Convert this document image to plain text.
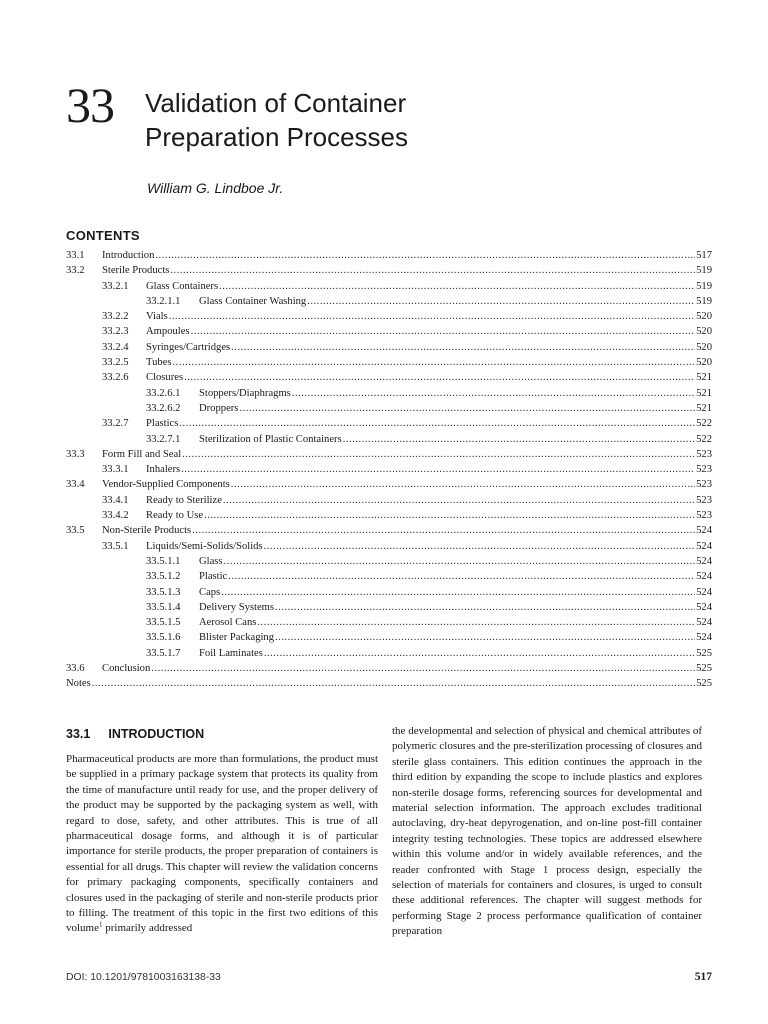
33 Validation of Container
Preparation Processes
William G. Lindboe Jr.
CONTENTS
33.1	Introduction .....	517
33.2	Sterile Products .....	519
33.2.1	Glass Containers .....	519
33.2.1.1	Glass Container Washing .....	519
33.2.2	Vials .....	520
33.2.3	Ampoules .....	520
33.2.4	Syringes/Cartridges .....	520
33.2.5	Tubes .....	520
33.2.6	Closures .....	521
33.2.6.1	Stoppers/Diaphragms .....	521
33.2.6.2	Droppers .....	521
33.2.7	Plastics .....	522
33.2.7.1	Sterilization of Plastic Containers .....	522
33.3	Form Fill and Seal .....	523
33.3.1	Inhalers .....	523
33.4	Vendor-Supplied Components .....	523
33.4.1	Ready to Sterilize .....	523
33.4.2	Ready to Use .....	523
33.5	Non-Sterile Products .....	524
33.5.1	Liquids/Semi-Solids/Solids .....	524
33.5.1.1	Glass .....	524
33.5.1.2	Plastic .....	524
33.5.1.3	Caps .....	524
33.5.1.4	Delivery Systems .....	524
33.5.1.5	Aerosol Cans .....	524
33.5.1.6	Blister Packaging .....	524
33.5.1.7	Foil Laminates .....	525
33.6	Conclusion .....	525
Notes .....	525
33.1 INTRODUCTION

Pharmaceutical products are more than formulations, the product must be supplied in a primary package system that protects its quality from the time of manufacture until ready for use, and the proper delivery of the product may be supported by the packaging system as well, with regard to dose, safety, and other attributes. This is true of all pharmaceutical dosage forms, and although it is of particular importance for sterile products, the proper preparation of containers is essential for all drugs. This chapter will review the validation concerns for primary packaging components, specifically containers and closures used in the packaging of sterile and non-sterile products prior to filling. The treatment of this topic in the first two editions of this volume$^1$ primarily addressed

the developmental and selection of physical and chemical attributes of polymeric closures and the pre-sterilization processing of closures and sterile glass containers. This edition continues the approach in the third edition by expanding the scope to include plastics and explores non-sterile dosage forms, referencing sources for developmental and material selection information. The approach excludes traditional autoclaving, dry-heat depyrogenation, and on-line post-fill container integrity testing technologies. These topics are addressed elsewhere within this volume and/or in widely available references, and the reader confronted with Stage 1 process design, especially the selection of materials for containers and closures, is urged to consult these additional references. The chapter will suggest methods for performing Stage 2 process performance qualification of container preparation

DOI: 10.1201/9781003163138-33	517
